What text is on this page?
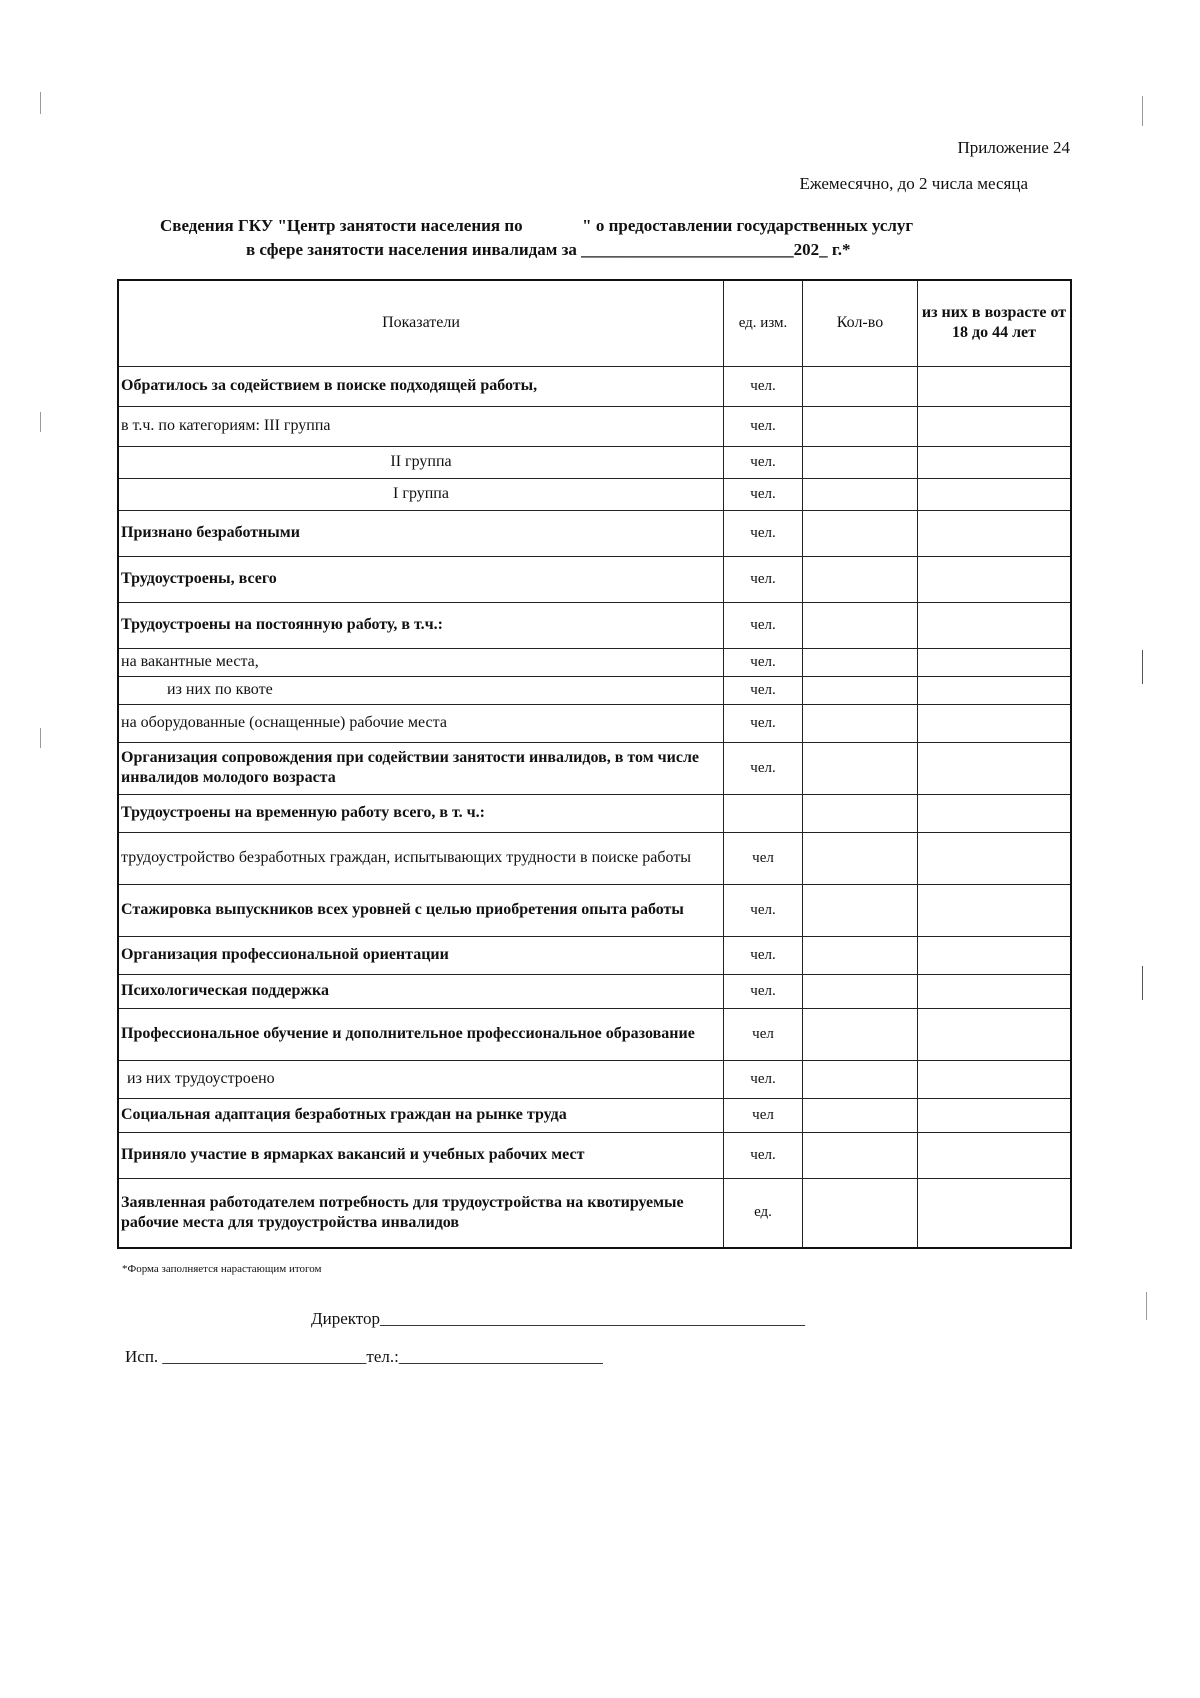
Приложение 24
Ежемесячно, до 2 числа месяца
Сведения ГКУ "Центр занятости населения по              " о предоставлении государственных услуг
в сфере занятости населения инвалидам за _________________________202_ г.*
Показатели	ед. изм.	Кол-во	из них в возрасте от 18 до 44 лет
Обратилось за содействием в поиске подходящей работы,	чел.		
в т.ч. по категориям: III группа	чел.		
II группа	чел.		
I группа	чел.		
Признано безработными	чел.		
Трудоустроены, всего	чел.		
Трудоустроены на постоянную работу, в т.ч.:	чел.		
на вакантные места,	чел.		
из них по квоте	чел.		
на оборудованные (оснащенные) рабочие места	чел.		
Организация сопровождения при содействии занятости инвалидов, в том числе инвалидов молодого возраста	чел.		
Трудоустроены на временную работу всего, в т. ч.:			
трудоустройство безработных граждан, испытывающих трудности в поиске работы	чел		
Стажировка выпускников всех уровней с целью приобретения опыта работы	чел.		
Организация профессиональной ориентации	чел.		
Психологическая поддержка	чел.		
Профессиональное обучение и дополнительное профессиональное образование	чел		
из них трудоустроено	чел.		
Социальная адаптация безработных граждан на рынке труда	чел		
Приняло участие в ярмарках вакансий и учебных рабочих мест	чел.		
Заявленная работодателем потребность для трудоустройства на квотируемые рабочие места для трудоустройства инвалидов	ед.		
*Форма заполняется нарастающим итогом
Директор__________________________________________________
Исп. ________________________тел.:________________________
